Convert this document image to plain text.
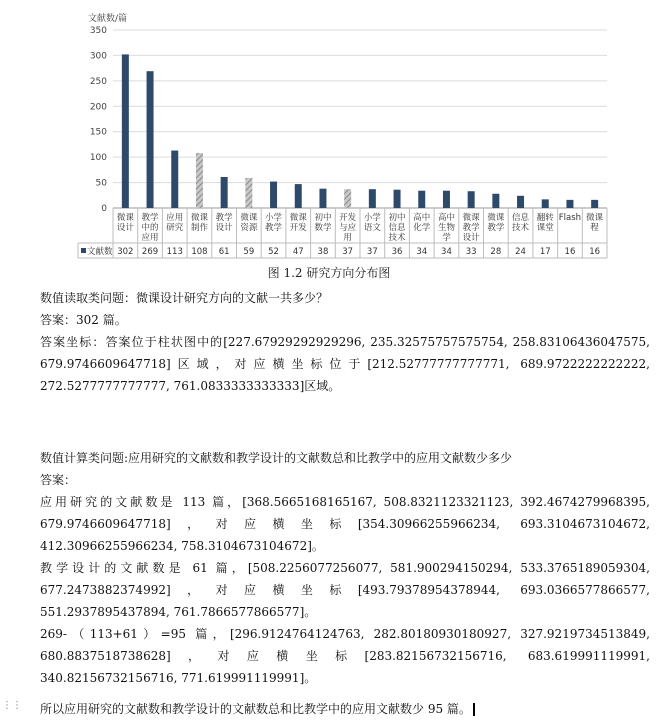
文献数/篇
0
50
100
150
200
250
300
350
文献数
微课
设计
302
教学
中的
应用
269
应用
研究
113
微课
制作
108
教学
设计
61
微课
资源
59
小学
教学
52
微课
开发
47
初中
数学
38
开发
与应
用
37
小学
语文
37
初中
信息
技术
36
高中
化学
34
高中
生物
学
34
微课
教学
设计
33
微课
教学
28
信息
技术
24
翻转
课堂
17
Flash
16
微课
程
16
图 1.2 研究方向分布图
数值读取类问题：微课设计研究方向的文献一共多少？
答案：302 篇。
答案坐标：答案位于柱状图中的[227.67929292929296, 235.32575757575754, 258.83106436047575, 679.9746609647718]区域，对应横坐标位于[212.52777777777771, 689.9722222222222, 272.5277777777777, 761.0833333333333]区域。
数值计算类问题:应用研究的文献数和教学设计的文献数总和比教学中的应用文献数少多少
答案：
应用研究的文献数是 113 篇，[368.5665168165167, 508.8321123321123, 392.4674279968395, 679.9746609647718]，对应横坐标[354.30966255966234, 693.3104673104672, 412.30966255966234, 758.3104673104672]。
教学设计的文献数是 61 篇，[508.2256077256077, 581.900294150294, 533.3765189059304, 677.2473882374992]，对应横坐标[493.79378954378944, 693.0366577866577, 551.2937895437894, 761.7866577866577]。
269-（113+61）=95 篇，[296.9124764124763, 282.80180930180927, 327.9219734513849, 680.8837518738628]，对应横坐标[283.82156732156716, 683.619991119991, 340.82156732156716, 771.619991119991]。
⋮⋮ 所以应用研究的文献数和教学设计的文献数总和比教学中的应用文献数少 95 篇。
